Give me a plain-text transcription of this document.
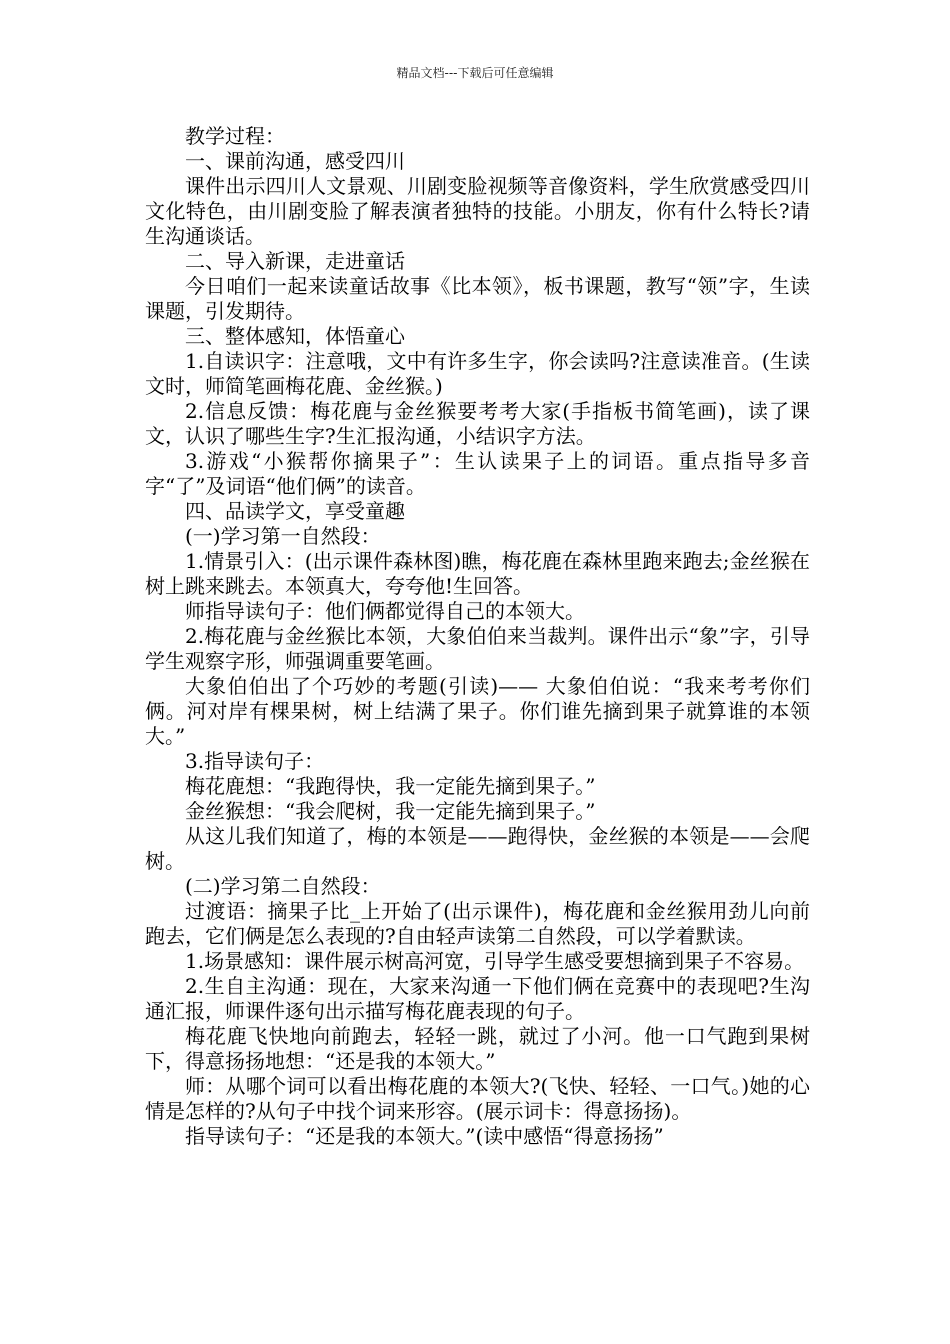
精品文档---下载后可任意编辑

教学过程：

一、课前沟通，感受四川

课件出示四川人文景观、川剧变脸视频等音像资料，学生欣赏感受四川文化特色，由川剧变脸了解表演者独特的技能。小朋友，你有什么特长?请生沟通谈话。

二、导入新课，走进童话

今日咱们一起来读童话故事《比本领》，板书课题，教写“领”字，生读课题，引发期待。

三、整体感知，体悟童心

1.自读识字：注意哦，文中有许多生字，你会读吗?注意读准音。(生读文时，师简笔画梅花鹿、金丝猴。)

2.信息反馈：梅花鹿与金丝猴要考考大家(手指板书简笔画)，读了课文，认识了哪些生字?生汇报沟通，小结识字方法。

3.游戏“小猴帮你摘果子”：生认读果子上的词语。重点指导多音字“了”及词语“他们俩”的读音。

四、品读学文，享受童趣

(一)学习第一自然段：

1.情景引入：(出示课件森林图)瞧，梅花鹿在森林里跑来跑去;金丝猴在树上跳来跳去。本领真大，夸夸他!生回答。

师指导读句子：他们俩都觉得自己的本领大。

2.梅花鹿与金丝猴比本领，大象伯伯来当裁判。课件出示“象”字，引导学生观察字形，师强调重要笔画。

大象伯伯出了个巧妙的考题(引读)—— 大象伯伯说：“我来考考你们俩。河对岸有棵果树，树上结满了果子。你们谁先摘到果子就算谁的本领大。”

3.指导读句子：

梅花鹿想：“我跑得快，我一定能先摘到果子。”

金丝猴想：“我会爬树，我一定能先摘到果子。”

从这儿我们知道了，梅的本领是——跑得快，金丝猴的本领是——会爬树。

(二)学习第二自然段：

过渡语：摘果子比_上开始了(出示课件)，梅花鹿和金丝猴用劲儿向前跑去，它们俩是怎么表现的?自由轻声读第二自然段，可以学着默读。

1.场景感知：课件展示树高河宽，引导学生感受要想摘到果子不容易。

2.生自主沟通：现在，大家来沟通一下他们俩在竞赛中的表现吧?生沟通汇报，师课件逐句出示描写梅花鹿表现的句子。

梅花鹿飞快地向前跑去，轻轻一跳，就过了小河。他一口气跑到果树下，得意扬扬地想：“还是我的本领大。”

师：从哪个词可以看出梅花鹿的本领大?(飞快、轻轻、一口气。)她的心情是怎样的?从句子中找个词来形容。(展示词卡：得意扬扬)。

指导读句子：“还是我的本领大。”(读中感悟“得意扬扬”
